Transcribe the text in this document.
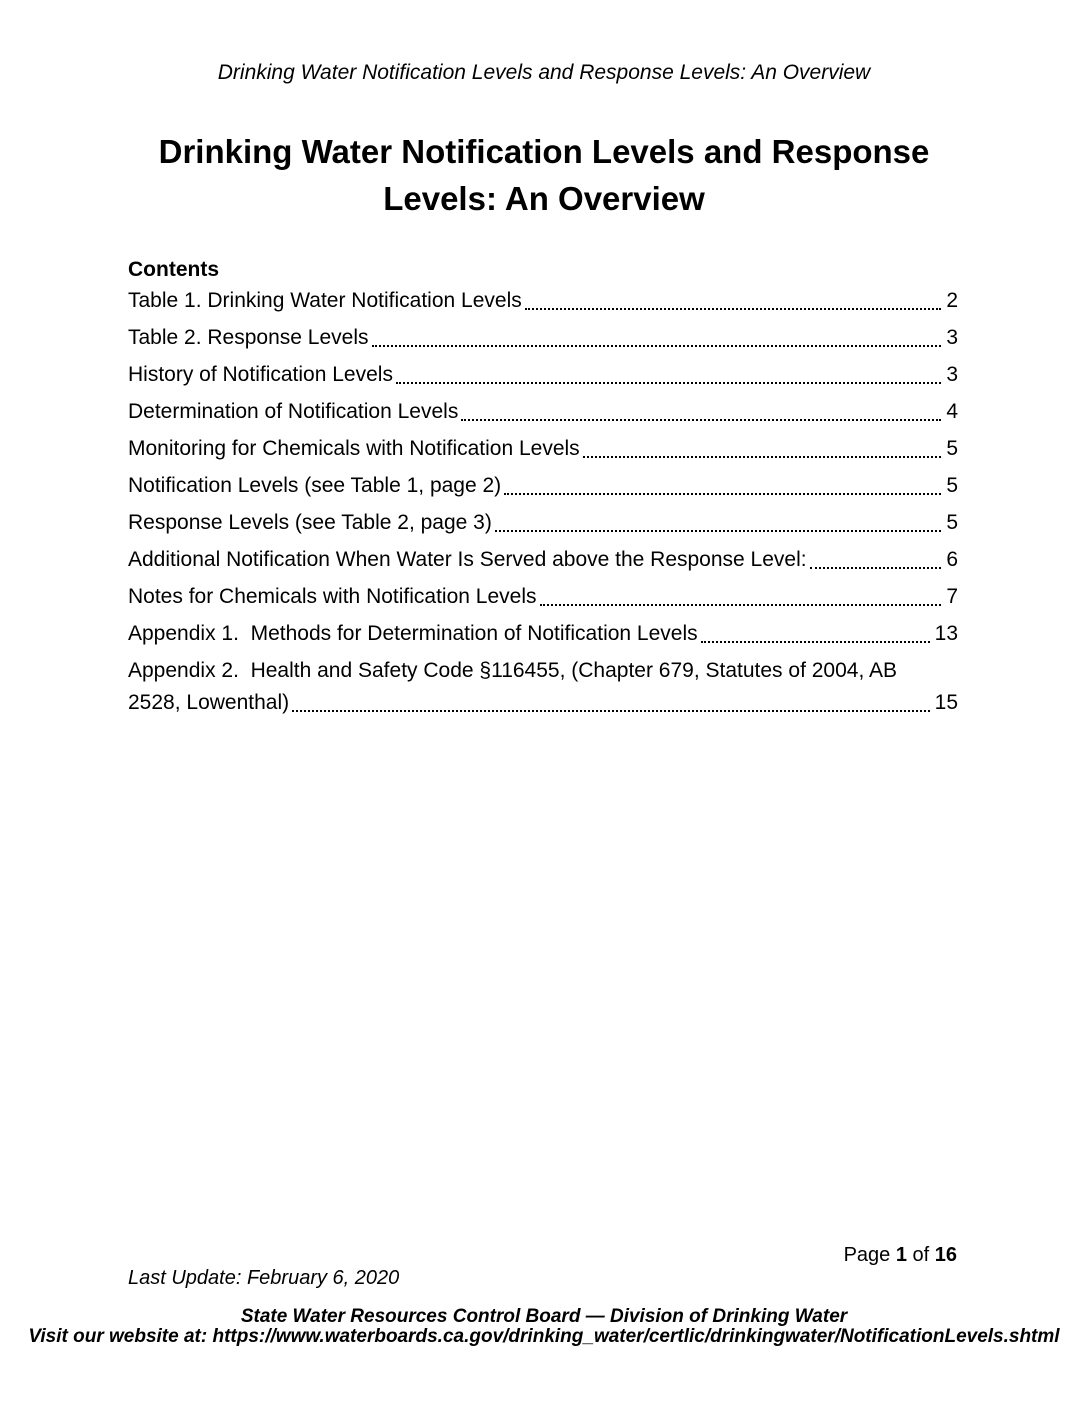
Drinking Water Notification Levels and Response Levels: An Overview
Drinking Water Notification Levels and Response
Levels: An Overview
Contents
Table 1. Drinking Water Notification Levels	2
Table 2. Response Levels	3
History of Notification Levels	3
Determination of Notification Levels	4
Monitoring for Chemicals with Notification Levels	5
Notification Levels (see Table 1, page 2)	5
Response Levels (see Table 2, page 3)	5
Additional Notification When Water Is Served above the Response Level:	6
Notes for Chemicals with Notification Levels	7
Appendix 1.  Methods for Determination of Notification Levels	13
Appendix 2.  Health and Safety Code §116455, (Chapter 679, Statutes of 2004, AB
2528, Lowenthal)	15
Page 1 of 16
Last Update: February 6, 2020
State Water Resources Control Board — Division of Drinking Water
Visit our website at: https://www.waterboards.ca.gov/drinking_water/certlic/drinkingwater/NotificationLevels.shtml
